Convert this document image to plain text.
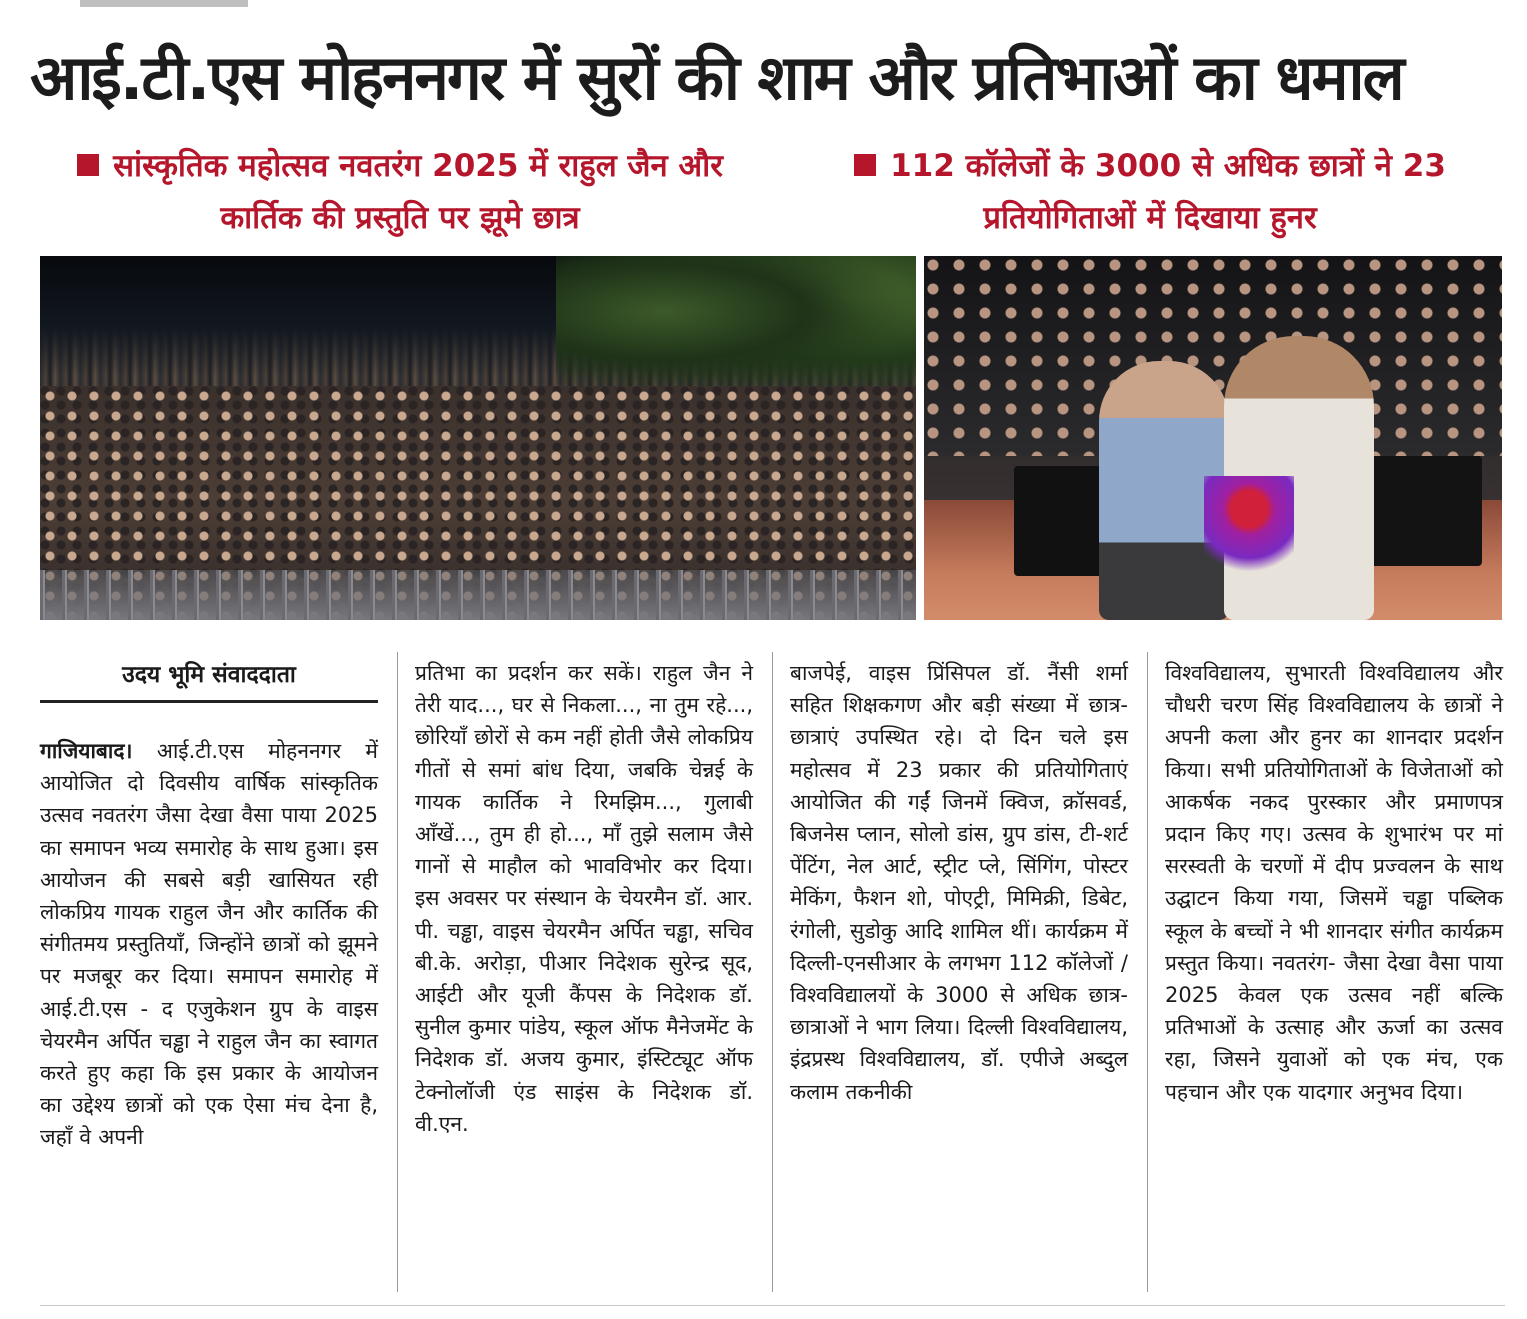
आई.टी.एस मोहननगर में सुरों की शाम और प्रतिभाओं का धमाल
सांस्कृतिक महोत्सव नवतरंग 2025 में राहुल जैन और कार्तिक की प्रस्तुति पर झूमे छात्र
112 कॉलेजों के 3000 से अधिक छात्रों ने 23 प्रतियोगिताओं में दिखाया हुनर
उदय भूमि संवाददाता

गाजियाबाद। आई.टी.एस मोहननगर में आयोजित दो दिवसीय वार्षिक सांस्कृतिक उत्सव नवतरंग जैसा देखा वैसा पाया 2025 का समापन भव्य समारोह के साथ हुआ। इस आयोजन की सबसे बड़ी खासियत रही लोकप्रिय गायक राहुल जैन और कार्तिक की संगीतमय प्रस्तुतियाँ, जिन्होंने छात्रों को झूमने पर मजबूर कर दिया। समापन समारोह में आई.टी.एस - द एजुकेशन ग्रुप के वाइस चेयरमैन अर्पित चड्ढा ने राहुल जैन का स्वागत करते हुए कहा कि इस प्रकार के आयोजन का उद्देश्य छात्रों को एक ऐसा मंच देना है, जहाँ वे अपनी

प्रतिभा का प्रदर्शन कर सकें। राहुल जैन ने तेरी याद..., घर से निकला..., ना तुम रहे..., छोरियाँ छोरों से कम नहीं होती जैसे लोकप्रिय गीतों से समां बांध दिया, जबकि चेन्नई के गायक कार्तिक ने रिमझिम..., गुलाबी आँखें..., तुम ही हो..., माँ तुझे सलाम जैसे गानों से माहौल को भावविभोर कर दिया। इस अवसर पर संस्थान के चेयरमैन डॉ. आर. पी. चड्ढा, वाइस चेयरमैन अर्पित चड्ढा, सचिव बी.के. अरोड़ा, पीआर निदेशक सुरेन्द्र सूद, आईटी और यूजी कैंपस के निदेशक डॉ. सुनील कुमार पांडेय, स्कूल ऑफ मैनेजमेंट के निदेशक डॉ. अजय कुमार, इंस्टिट्यूट ऑफ टेक्नोलॉजी एंड साइंस के निदेशक डॉ. वी.एन.

बाजपेई, वाइस प्रिंसिपल डॉ. नैंसी शर्मा सहित शिक्षकगण और बड़ी संख्या में छात्र-छात्राएं उपस्थित रहे। दो दिन चले इस महोत्सव में 23 प्रकार की प्रतियोगिताएं आयोजित की गईं जिनमें क्विज, क्रॉसवर्ड, बिजनेस प्लान, सोलो डांस, ग्रुप डांस, टी-शर्ट पेंटिंग, नेल आर्ट, स्ट्रीट प्ले, सिंगिंग, पोस्टर मेकिंग, फैशन शो, पोएट्री, मिमिक्री, डिबेट, रंगोली, सुडोकु आदि शामिल थीं। कार्यक्रम में दिल्ली-एनसीआर के लगभग 112 कॉलेजों /विश्वविद्यालयों के 3000 से अधिक छात्र-छात्राओं ने भाग लिया। दिल्ली विश्वविद्यालय, इंद्रप्रस्थ विश्वविद्यालय, डॉ. एपीजे अब्दुल कलाम तकनीकी

विश्वविद्यालय, सुभारती विश्वविद्यालय और चौधरी चरण सिंह विश्वविद्यालय के छात्रों ने अपनी कला और हुनर का शानदार प्रदर्शन किया। सभी प्रतियोगिताओं के विजेताओं को आकर्षक नकद पुरस्कार और प्रमाणपत्र प्रदान किए गए। उत्सव के शुभारंभ पर मां सरस्वती के चरणों में दीप प्रज्वलन के साथ उद्घाटन किया गया, जिसमें चड्ढा पब्लिक स्कूल के बच्चों ने भी शानदार संगीत कार्यक्रम प्रस्तुत किया। नवतरंग- जैसा देखा वैसा पाया 2025 केवल एक उत्सव नहीं बल्कि प्रतिभाओं के उत्साह और ऊर्जा का उत्सव रहा, जिसने युवाओं को एक मंच, एक पहचान और एक यादगार अनुभव दिया।
